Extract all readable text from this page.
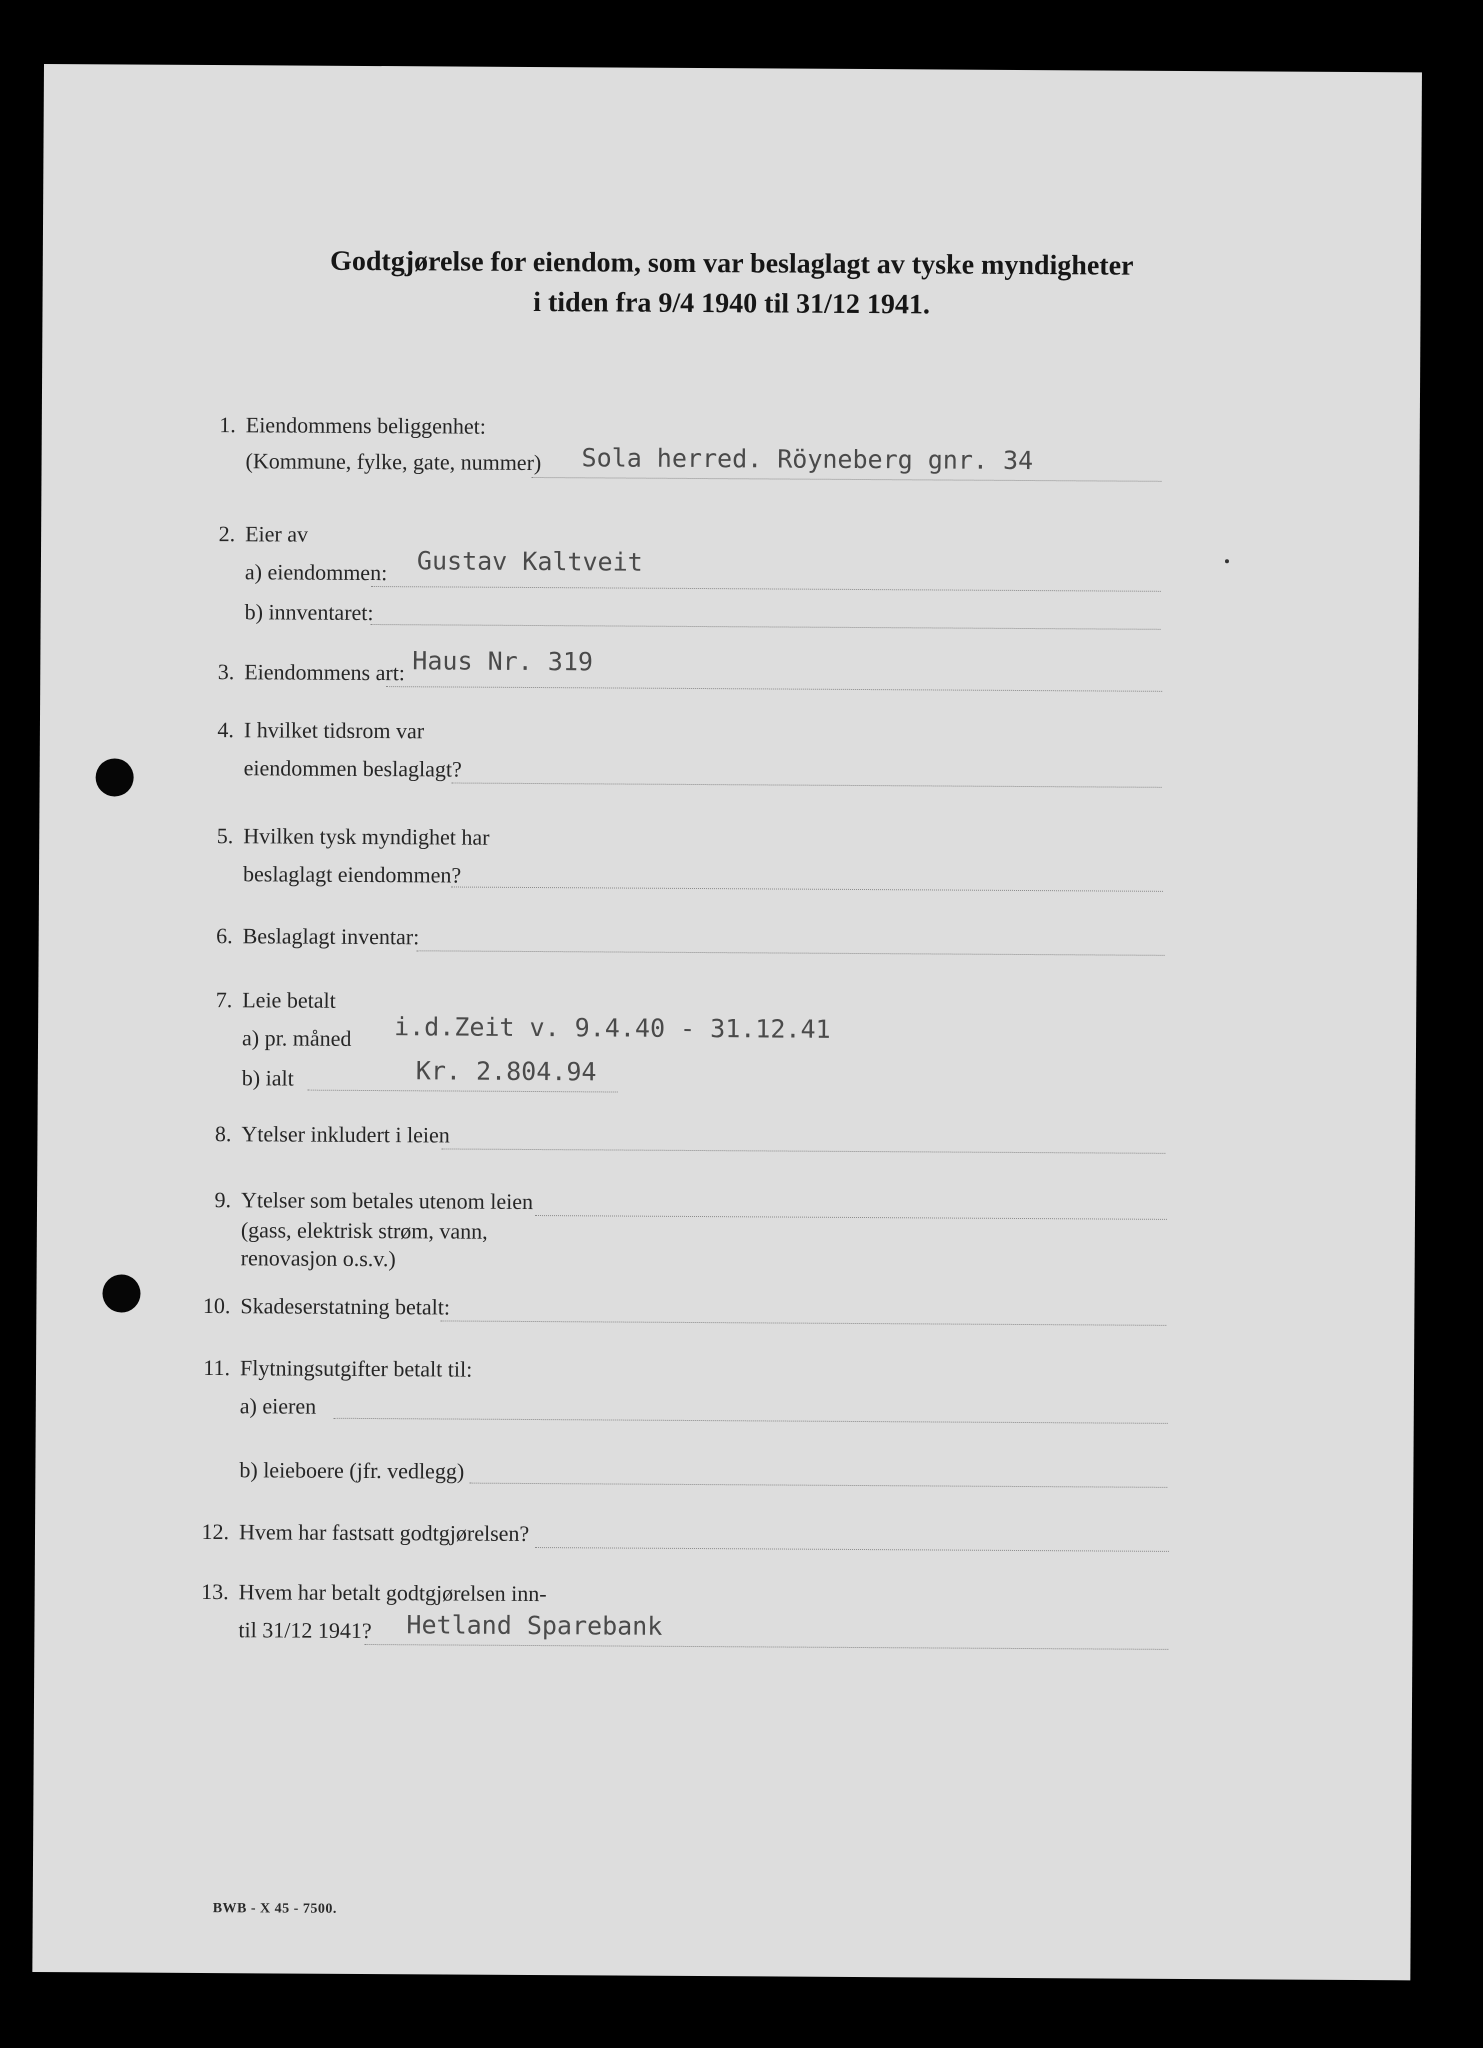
Godtgjørelse for eiendom, som var beslaglagt av tyske myndigheter
i tiden fra 9/4 1940 til 31/12 1941.
1. Eiendommens beliggenhet:
(Kommune, fylke, gate, nummer) Sola herred. Röyneberg gnr. 34
2. Eier av
a) eiendommen: Gustav Kaltveit
b) innventaret:
3. Eiendommens art: Haus Nr. 319
4. I hvilket tidsrom var
eiendommen beslaglagt?
5. Hvilken tysk myndighet har
beslaglagt eiendommen?
6. Beslaglagt inventar:
7. Leie betalt
a) pr. måned i.d.Zeit v. 9.4.40 - 31.12.41
b) ialt	Kr. 2.804.94
8. Ytelser inkludert i leien
9. Ytelser som betales utenom leien
(gass, elektrisk strøm, vann,
renovasjon o.s.v.)
10. Skadeserstatning betalt:
11. Flytningsutgifter betalt til:
a) eieren
b) leieboere (jfr. vedlegg)
12. Hvem har fastsatt godtgjørelsen?
13. Hvem har betalt godtgjørelsen inn-
til 31/12 1941? Hetland Sparebank
BWB - X 45 - 7500.
